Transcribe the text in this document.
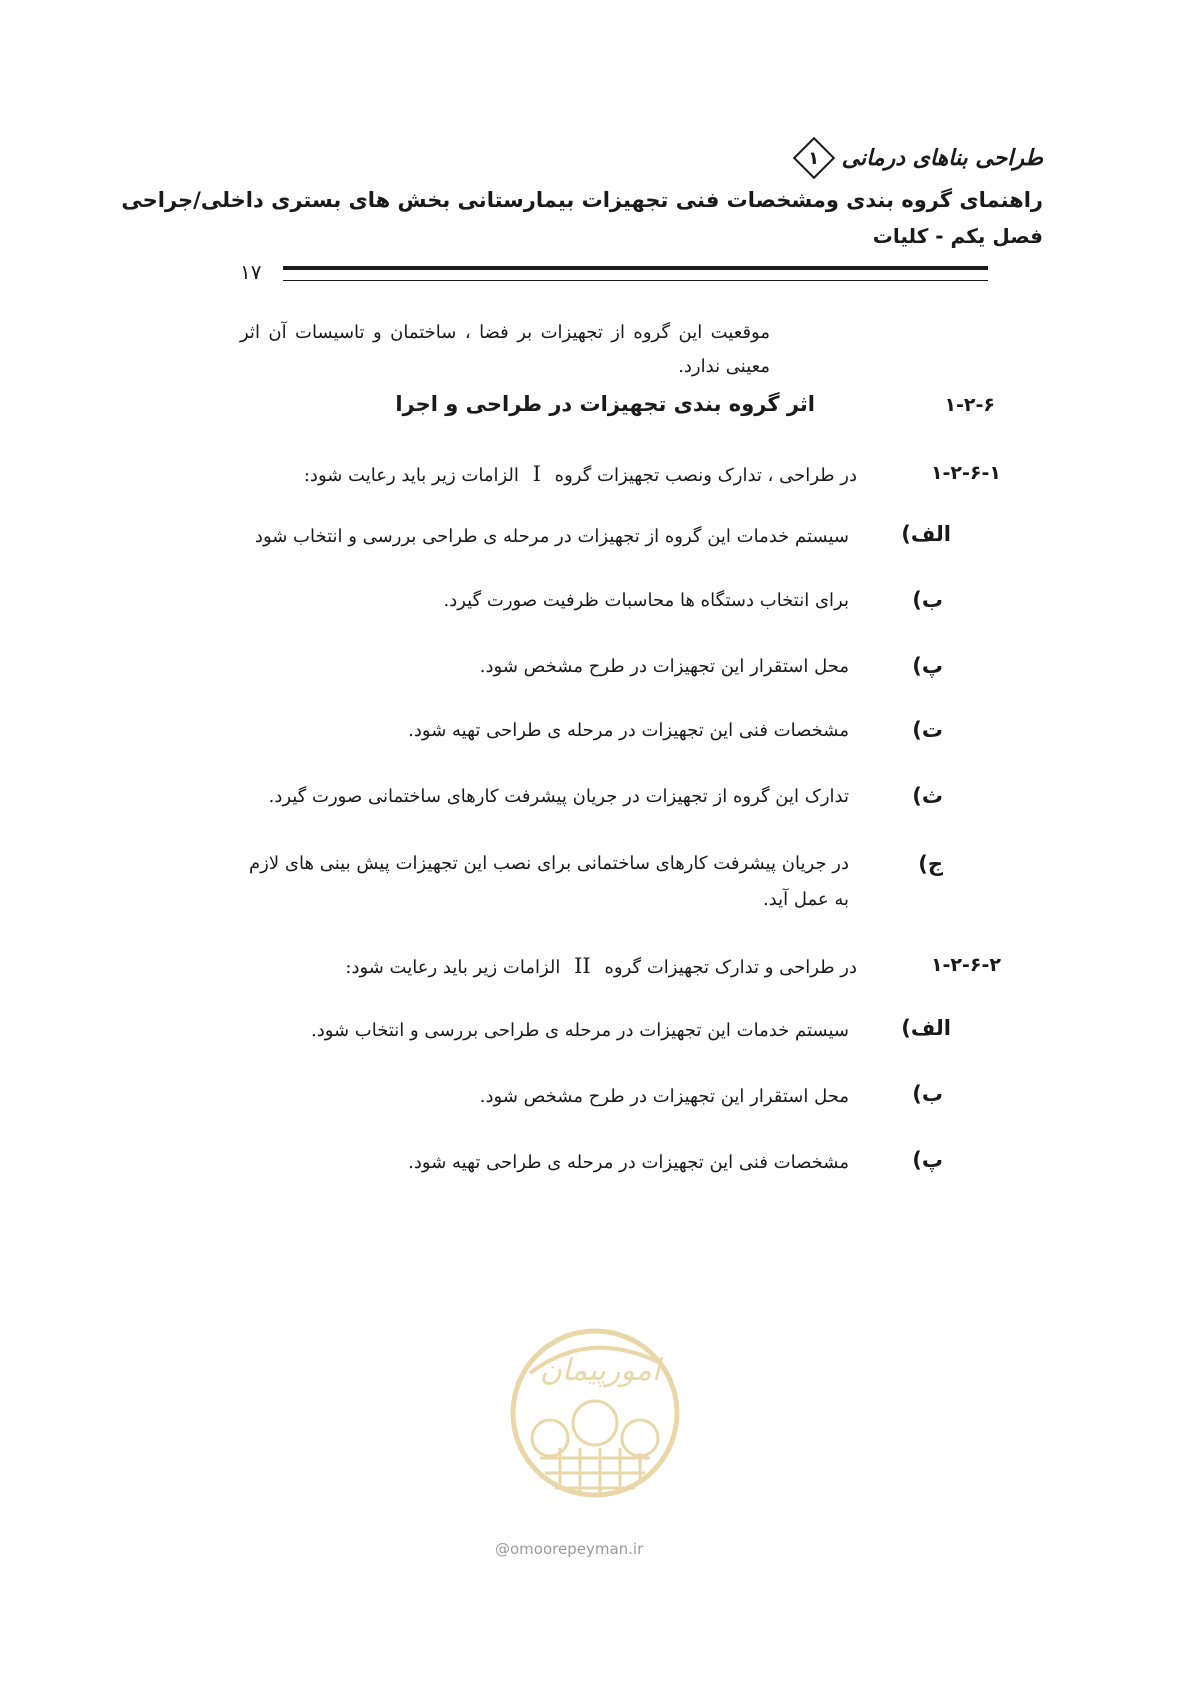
طراحی بناهای درمانی
۱
راهنمای گروه بندی ومشخصات فنی تجهیزات بیمارستانی بخش های بستری داخلی/جراحی
فصل یکم - کلیات
۱۷
موقعیت این گروه از تجهیزات بر فضا ، ساختمان و تاسیسات آن اثر معینی ندارد.
۱-۲-۶
اثر گروه بندی تجهیزات در طراحی و اجرا
۱-۲-۶-۱
در طراحی ، تدارک ونصب تجهیزات گروه I الزامات زیر باید رعایت شود:
الف)
سیستم خدمات این گروه از تجهیزات در مرحله ی طراحی بررسی و انتخاب شود
ب)
برای انتخاب دستگاه ها محاسبات ظرفیت صورت گیرد.
پ)
محل استقرار این تجهیزات در طرح مشخص شود.
ت)
مشخصات فنی این تجهیزات در مرحله ی طراحی تهیه شود.
ث)
تدارک این گروه از تجهیزات در جریان پیشرفت کارهای ساختمانی صورت گیرد.
ج)
در جریان پیشرفت کارهای ساختمانی برای نصب این تجهیزات پیش بینی های لازم به عمل آید.
۱-۲-۶-۲
در طراحی و تدارک تجهیزات گروه II الزامات زیر باید رعایت شود:
الف)
سیستم خدمات این تجهیزات در مرحله ی طراحی بررسی و انتخاب شود.
ب)
محل استقرار این تجهیزات در طرح مشخص شود.
پ)
مشخصات فنی این تجهیزات در مرحله ی طراحی تهیه شود.
امورپیمان
@omoorepeyman.ir
